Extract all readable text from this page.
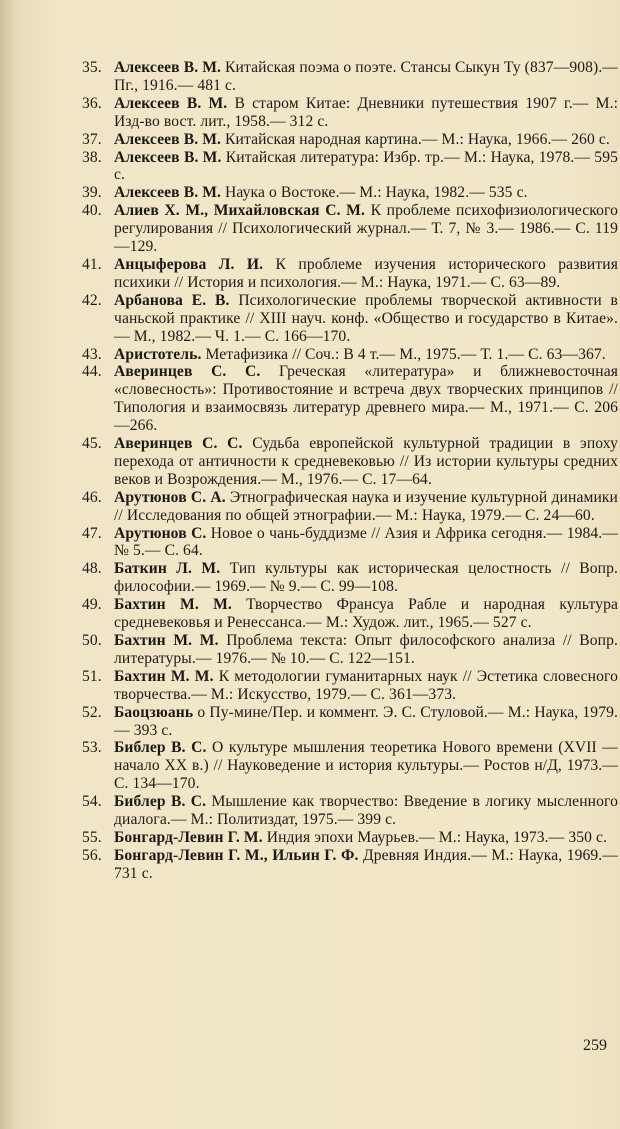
35. Алексеев В. М. Китайская поэма о поэте. Стансы Сыкун Ту (837—908).— Пг., 1916.— 481 с.
36. Алексеев В. М. В старом Китае: Дневники путешествия 1907 г.— М.: Изд-во вост. лит., 1958.— 312 с.
37. Алексеев В. М. Китайская народная картина.— М.: Наука, 1966.— 260 с.
38. Алексеев В. М. Китайская литература: Избр. тр.— М.: Наука, 1978.— 595 с.
39. Алексеев В. М. Наука о Востоке.— М.: Наука, 1982.— 535 с.
40. Алиев Х. М., Михайловская С. М. К проблеме психофизиологического регулирования // Психологический журнал.— Т. 7, № 3.— 1986.— С. 119—129.
41. Анцыферова Л. И. К проблеме изучения исторического развития психики // История и психология.— М.: Наука, 1971.— С. 63—89.
42. Арбанова Е. В. Психологические проблемы творческой активности в чаньской практике // XIII науч. конф. «Общество и государство в Китае».— М., 1982.— Ч. 1.— С. 166—170.
43. Аристотель. Метафизика // Соч.: В 4 т.— М., 1975.— Т. 1.— С. 63—367.
44. Аверинцев С. С. Греческая «литература» и ближневосточная «словесность»: Противостояние и встреча двух творческих принципов // Типология и взаимосвязь литератур древнего мира.— М., 1971.— С. 206—266.
45. Аверинцев С. С. Судьба европейской культурной традиции в эпоху перехода от античности к средневековью // Из истории культуры средних веков и Возрождения.— М., 1976.— С. 17—64.
46. Арутюнов С. А. Этнографическая наука и изучение культурной динамики // Исследования по общей этнографии.— М.: Наука, 1979.— С. 24—60.
47. Арутюнов С. Новое о чань-буддизме // Азия и Африка сегодня.— 1984.— № 5.— С. 64.
48. Баткин Л. М. Тип культуры как историческая целостность // Вопр. философии.— 1969.— № 9.— С. 99—108.
49. Бахтин М. М. Творчество Франсуа Рабле и народная культура средневековья и Ренессанса.— М.: Худож. лит., 1965.— 527 с.
50. Бахтин М. М. Проблема текста: Опыт философского анализа // Вопр. литературы.— 1976.— № 10.— С. 122—151.
51. Бахтин М. М. К методологии гуманитарных наук // Эстетика словесного творчества.— М.: Искусство, 1979.— С. 361—373.
52. Баоцзюань о Пу-мине/Пер. и коммент. Э. С. Стуловой.— М.: Наука, 1979.— 393 с.
53. Библер В. С. О культуре мышления теоретика Нового времени (XVII — начало XX в.) // Науковедение и история культуры.— Ростов н/Д, 1973.— С. 134—170.
54. Библер В. С. Мышление как творчество: Введение в логику мысленного диалога.— М.: Политиздат, 1975.— 399 с.
55. Бонгард-Левин Г. М. Индия эпохи Маурьев.— М.: Наука, 1973.— 350 с.
56. Бонгард-Левин Г. М., Ильин Г. Ф. Древняя Индия.— М.: Наука, 1969.— 731 с.
259
